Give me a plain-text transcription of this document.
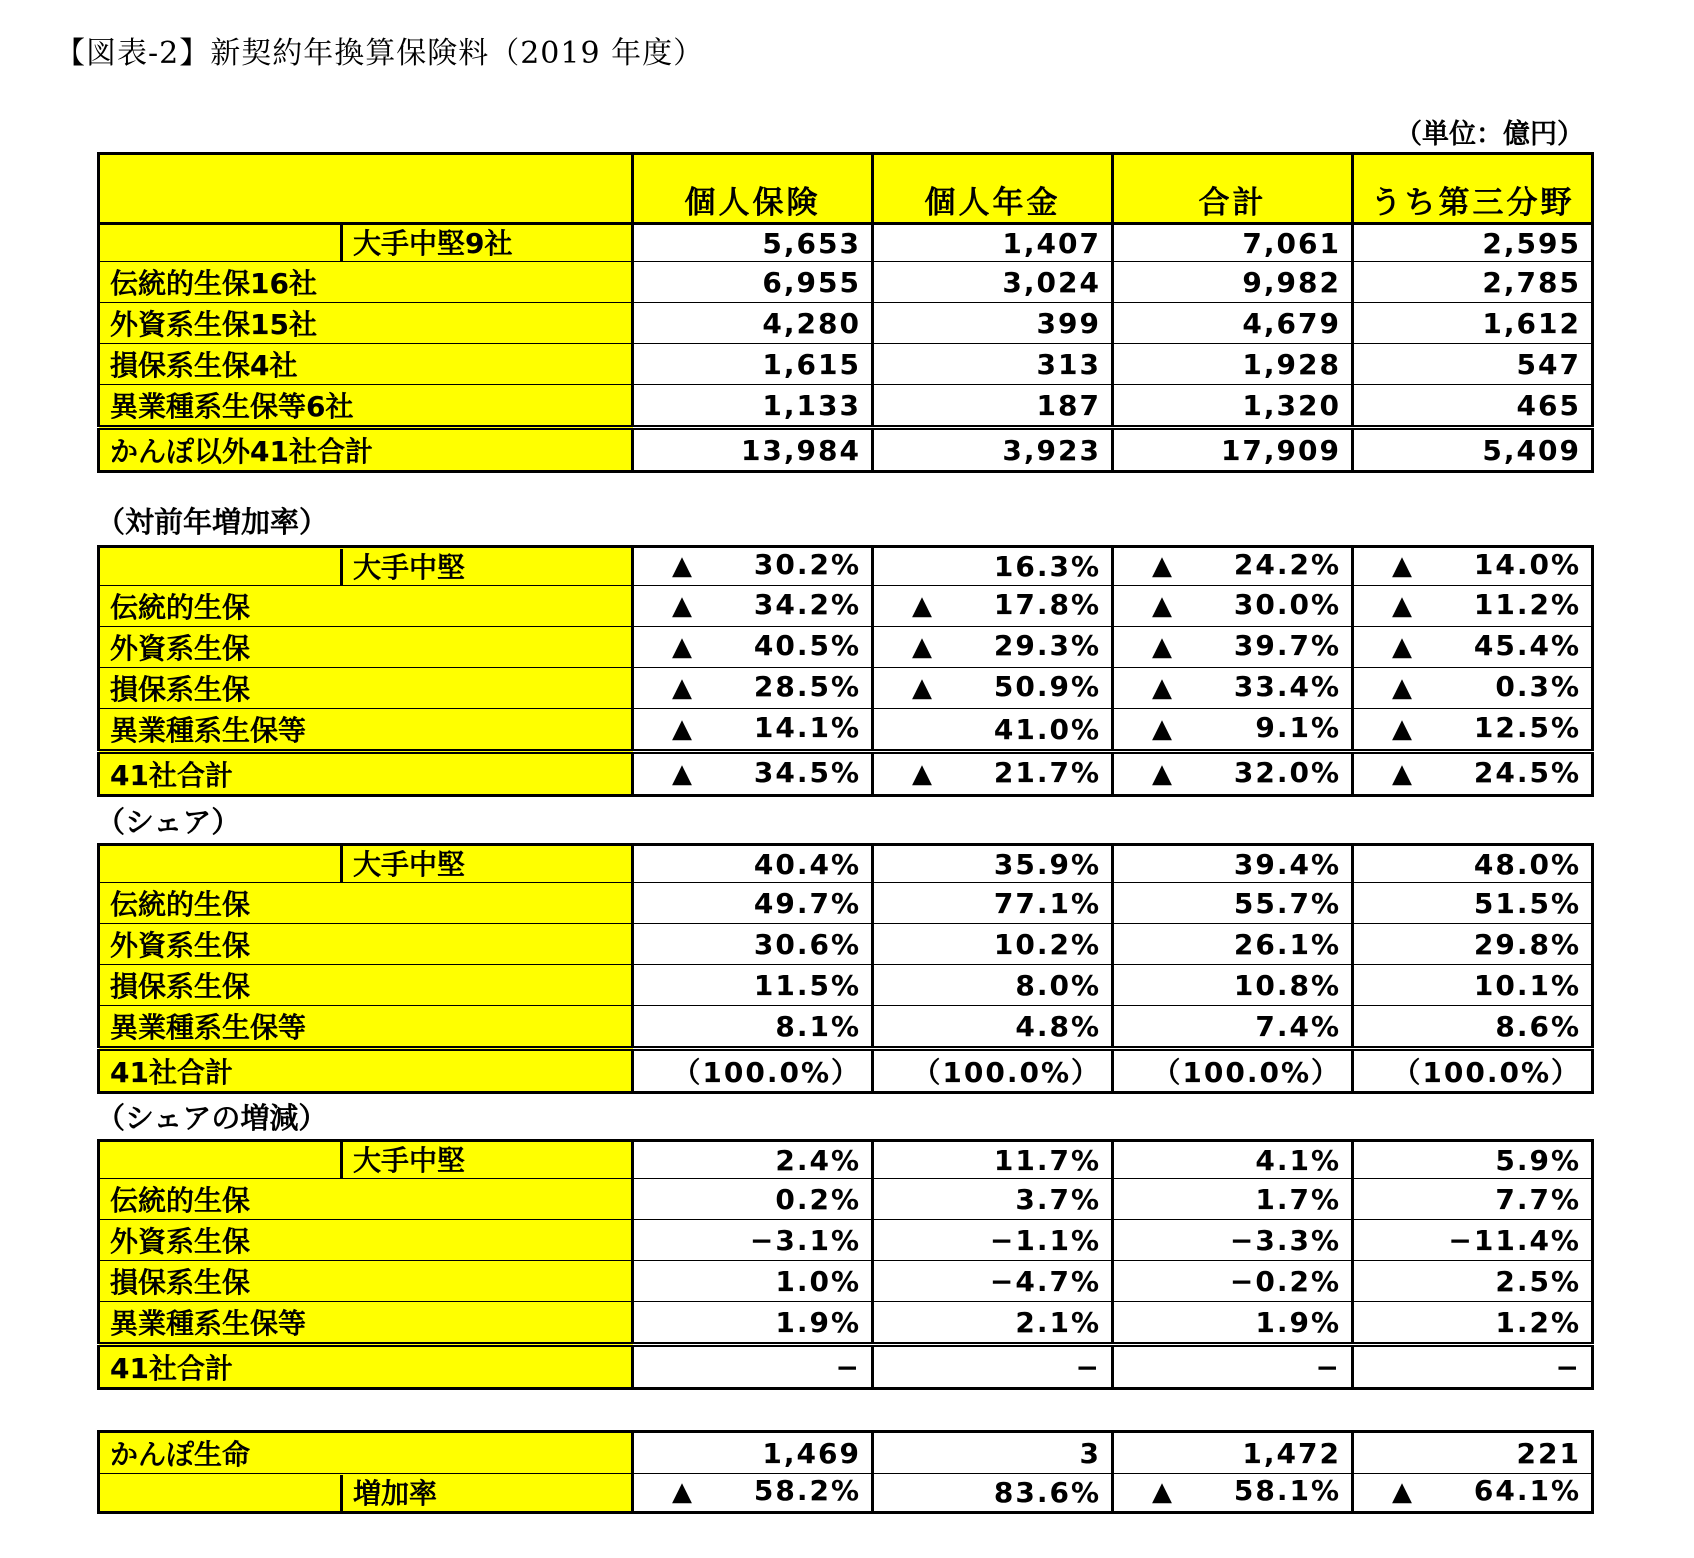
【図表-2】新契約年換算保険料（2019 年度）
（単位：億円）
	個人保険	個人年金	合計	うち第三分野
大手中堅9社	5,653	1,407	7,061	2,595
伝統的生保16社	6,955	3,024	9,982	2,785
外資系生保15社	4,280	399	4,679	1,612
損保系生保4社	1,615	313	1,928	547
異業種系生保等6社	1,133	187	1,320	465
かんぽ以外41社合計	13,984	3,923	17,909	5,409
（対前年増加率）
大手中堅	▲ 30.2%	16.3%	▲ 24.2%	▲ 14.0%
伝統的生保	▲ 34.2%	▲ 17.8%	▲ 30.0%	▲ 11.2%
外資系生保	▲ 40.5%	▲ 29.3%	▲ 39.7%	▲ 45.4%
損保系生保	▲ 28.5%	▲ 50.9%	▲ 33.4%	▲ 0.3%
異業種系生保等	▲ 14.1%	41.0%	▲ 9.1%	▲ 12.5%
41社合計	▲ 34.5%	▲ 21.7%	▲ 32.0%	▲ 24.5%
（シェア）
大手中堅	40.4%	35.9%	39.4%	48.0%
伝統的生保	49.7%	77.1%	55.7%	51.5%
外資系生保	30.6%	10.2%	26.1%	29.8%
損保系生保	11.5%	8.0%	10.8%	10.1%
異業種系生保等	8.1%	4.8%	7.4%	8.6%
41社合計	（100.0%）	（100.0%）	（100.0%）	（100.0%）
（シェアの増減）
大手中堅	2.4%	11.7%	4.1%	5.9%
伝統的生保	0.2%	3.7%	1.7%	7.7%
外資系生保	−3.1%	−1.1%	−3.3%	−11.4%
損保系生保	1.0%	−4.7%	−0.2%	2.5%
異業種系生保等	1.9%	2.1%	1.9%	1.2%
41社合計	−	−	−	−
かんぽ生命	1,469	3	1,472	221
増加率	▲ 58.2%	83.6%	▲ 58.1%	▲ 64.1%
